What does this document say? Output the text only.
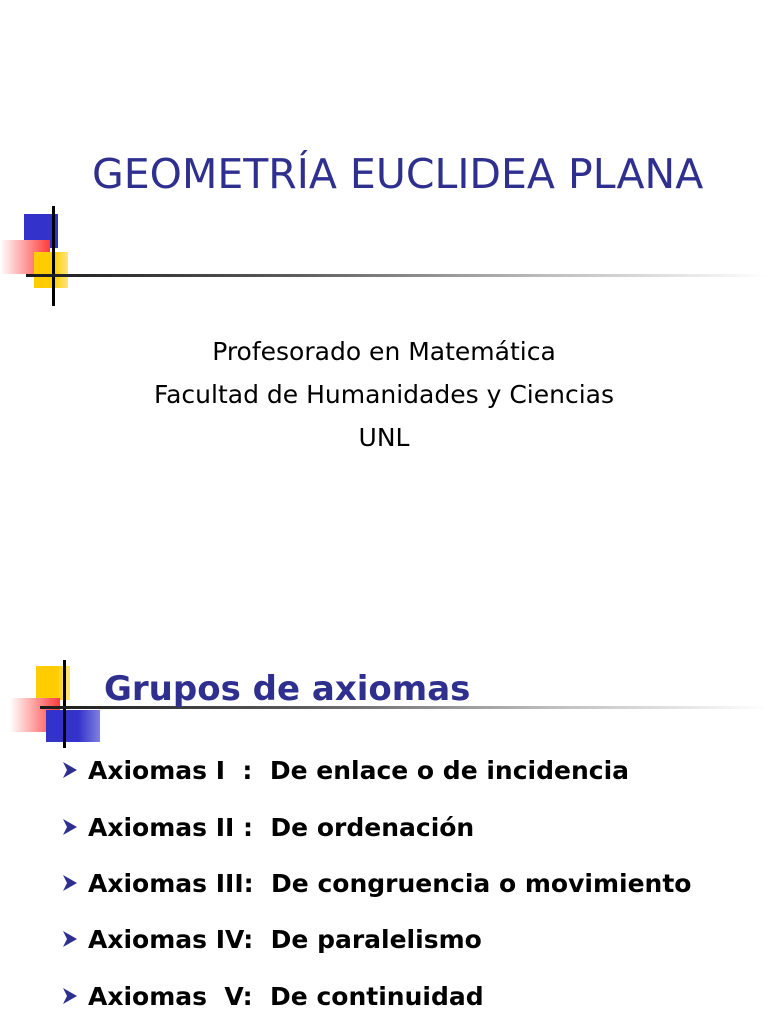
GEOMETRÍA EUCLIDEA PLANA
Profesorado en Matemática
Facultad de Humanidades y Ciencias
UNL
Grupos de axiomas
Axiomas I  :  De enlace o de incidencia
Axiomas II :  De ordenación
Axiomas III:  De congruencia o movimiento
Axiomas IV:  De paralelismo
Axiomas  V:  De continuidad
